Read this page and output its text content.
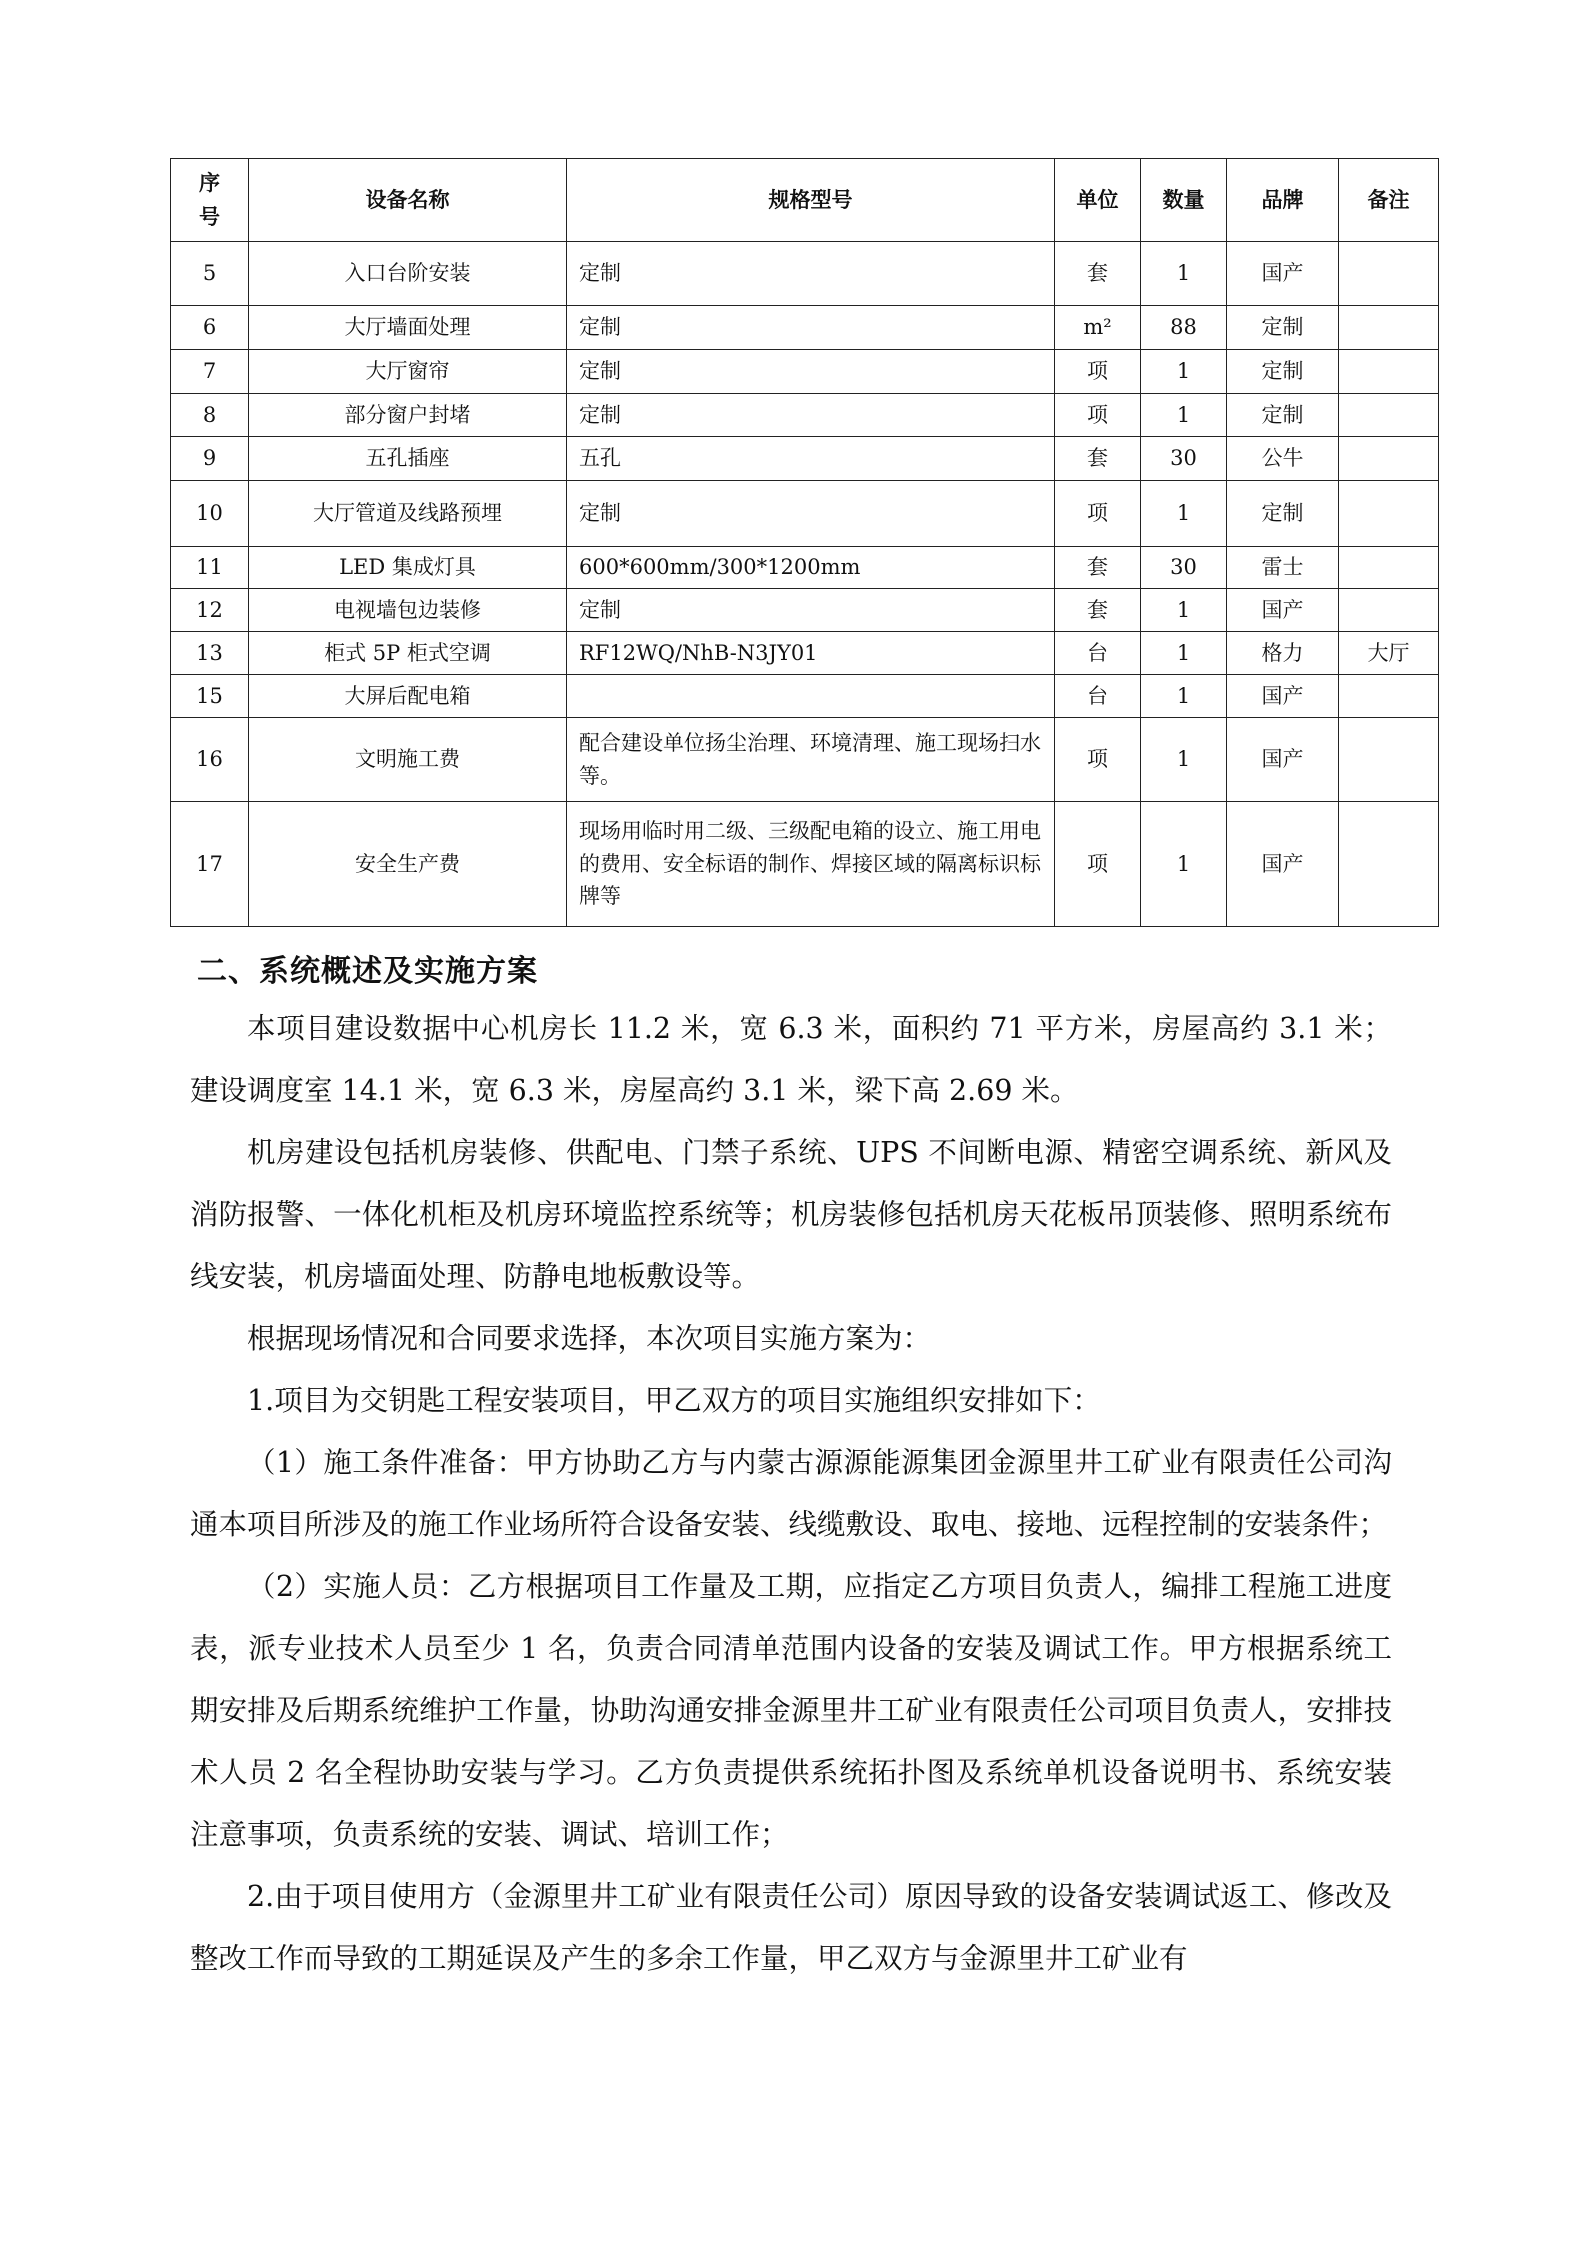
序
号	设备名称	规格型号	单位	数量	品牌	备注
5	入口台阶安装	定制	套	1	国产	
6	大厅墙面处理	定制	m²	88	定制	
7	大厅窗帘	定制	项	1	定制	
8	部分窗户封堵	定制	项	1	定制	
9	五孔插座	五孔	套	30	公牛	
10	大厅管道及线路预埋	定制	项	1	定制	
11	LED 集成灯具	600*600mm/300*1200mm	套	30	雷士	
12	电视墙包边装修	定制	套	1	国产	
13	柜式 5P 柜式空调	RF12WQ/NhB-N3JY01	台	1	格力	大厅
15	大屏后配电箱		台	1	国产	
16	文明施工费	配合建设单位扬尘治理、环境清理、施工现场扫水等。	项	1	国产	
17	安全生产费	现场用临时用二级、三级配电箱的设立、施工用电的费用、安全标语的制作、焊接区域的隔离标识标牌等	项	1	国产	
二、系统概述及实施方案

本项目建设数据中心机房长 11.2 米，宽 6.3 米，面积约 71 平方米，房屋高约 3.1 米；建设调度室 14.1 米，宽 6.3 米，房屋高约 3.1 米，梁下高 2.69 米。

机房建设包括机房装修、供配电、门禁子系统、UPS 不间断电源、精密空调系统、新风及消防报警、一体化机柜及机房环境监控系统等；机房装修包括机房天花板吊顶装修、照明系统布线安装，机房墙面处理、防静电地板敷设等。

根据现场情况和合同要求选择，本次项目实施方案为：

1.项目为交钥匙工程安装项目，甲乙双方的项目实施组织安排如下：

（1）施工条件准备：甲方协助乙方与内蒙古源源能源集团金源里井工矿业有限责任公司沟通本项目所涉及的施工作业场所符合设备安装、线缆敷设、取电、接地、远程控制的安装条件；

（2）实施人员：乙方根据项目工作量及工期，应指定乙方项目负责人，编排工程施工进度表，派专业技术人员至少 1 名，负责合同清单范围内设备的安装及调试工作。甲方根据系统工期安排及后期系统维护工作量，协助沟通安排金源里井工矿业有限责任公司项目负责人，安排技术人员 2 名全程协助安装与学习。乙方负责提供系统拓扑图及系统单机设备说明书、系统安装注意事项，负责系统的安装、调试、培训工作；

2.由于项目使用方（金源里井工矿业有限责任公司）原因导致的设备安装调试返工、修改及整改工作而导致的工期延误及产生的多余工作量，甲乙双方与金源里井工矿业有
